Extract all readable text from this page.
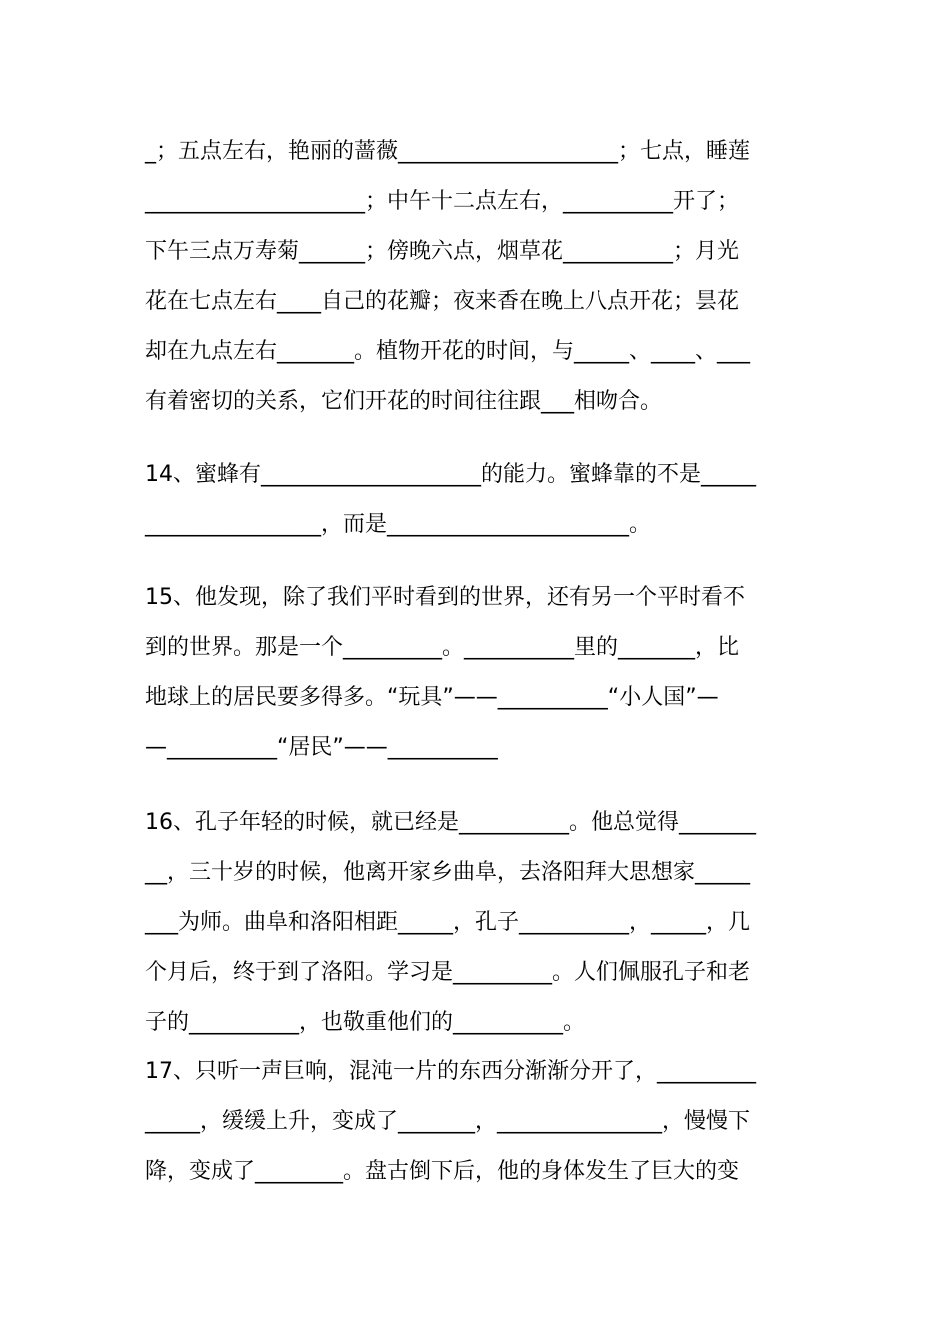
_；五点左右，艳丽的蔷薇____________________；七点，睡莲
____________________；中午十二点左右，__________开了；
下午三点万寿菊______；傍晚六点，烟草花__________；月光
花在七点左右____自己的花瓣；夜来香在晚上八点开花；昙花
却在九点左右_______。植物开花的时间，与_____、____、___
有着密切的关系，它们开花的时间往往跟___相吻合。
14、蜜蜂有____________________的能力。蜜蜂靠的不是_____
________________，而是______________________。
15、他发现，除了我们平时看到的世界，还有另一个平时看不
到的世界。那是一个_________。__________里的_______，比
地球上的居民要多得多。“玩具”——__________“小人国”—
—__________“居民”——__________
16、孔子年轻的时候，就已经是__________。他总觉得_______
__，三十岁的时候，他离开家乡曲阜，去洛阳拜大思想家_____
___为师。曲阜和洛阳相距_____，孔子__________，_____，几
个月后，终于到了洛阳。学习是_________。人们佩服孔子和老
子的__________，也敬重他们的__________。
17、只听一声巨响，混沌一片的东西分渐渐分开了，_________
_____，缓缓上升，变成了_______，_______________，慢慢下
降，变成了________。盘古倒下后，他的身体发生了巨大的变
